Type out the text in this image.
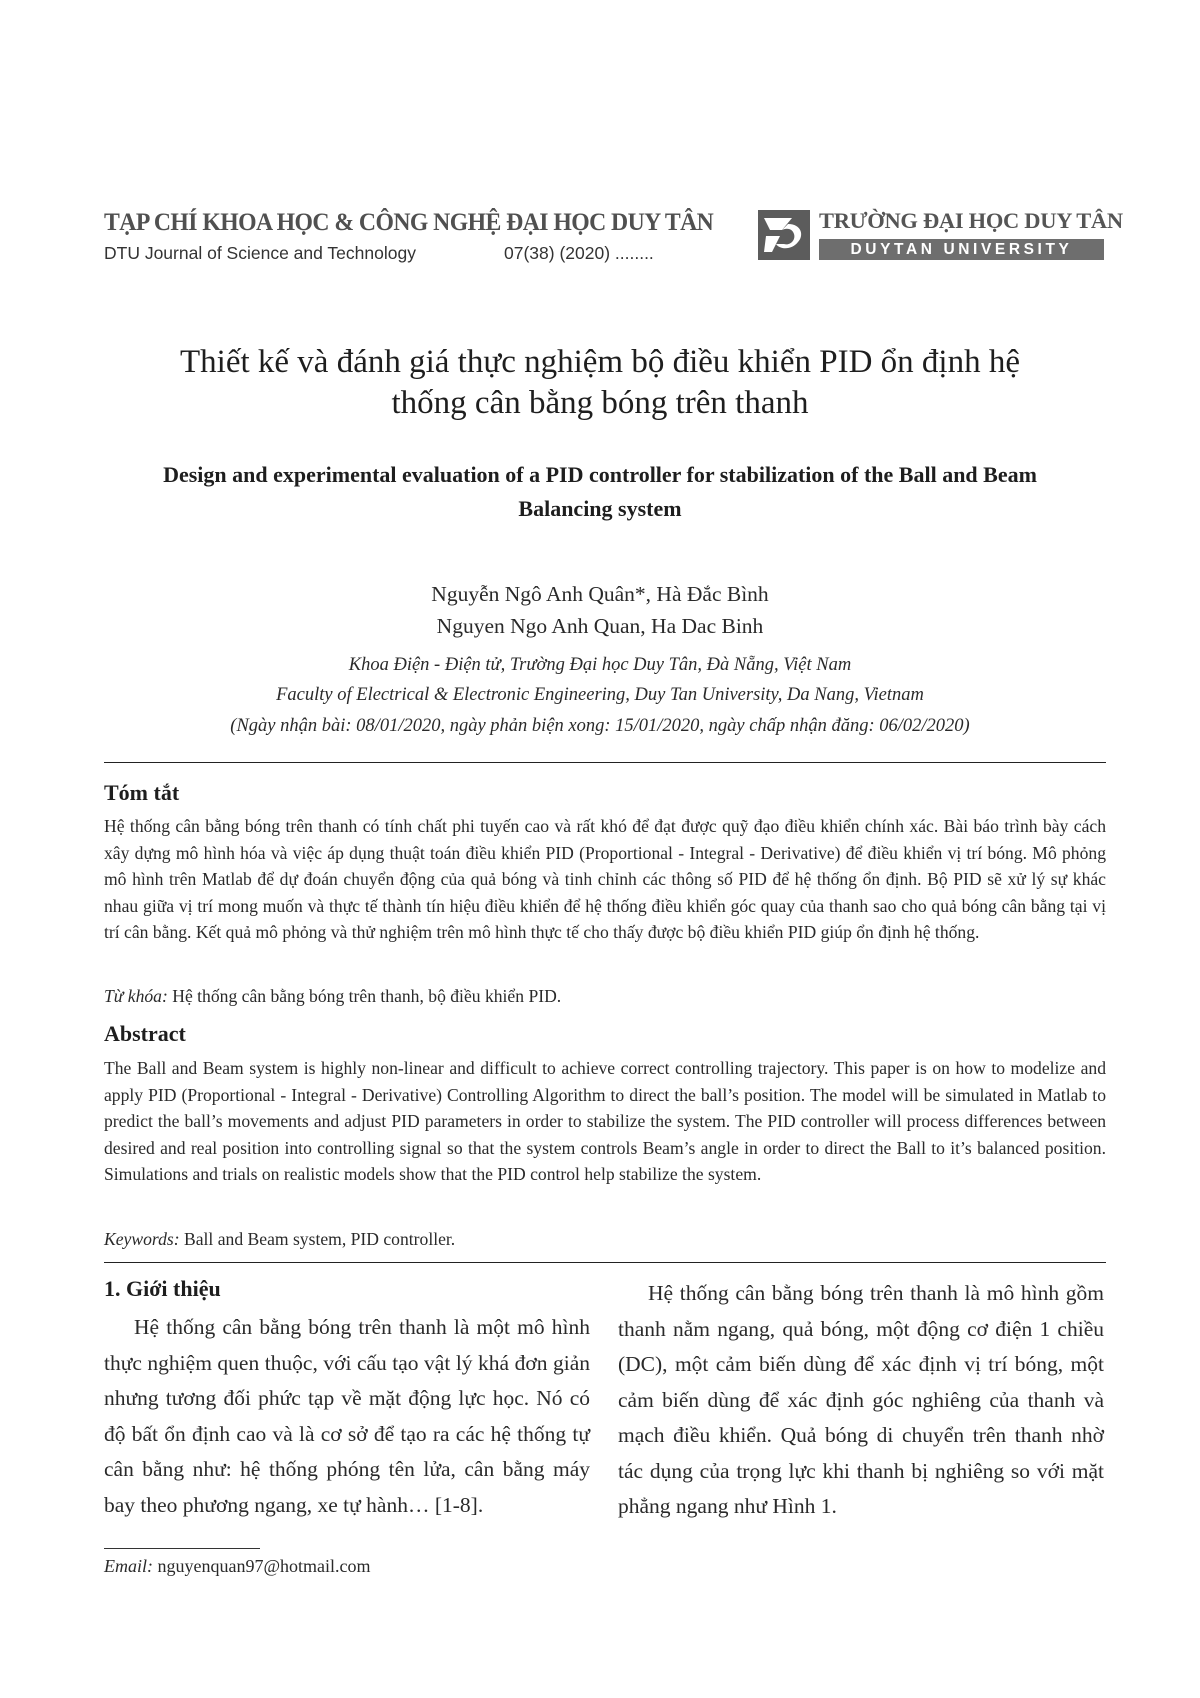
TẠP CHÍ KHOA HỌC & CÔNG NGHỆ ĐẠI HỌC DUY TÂN
DTU Journal of Science and Technology	07(38) (2020) ........
TRƯỜNG ĐẠI HỌC DUY TÂN
DUYTAN UNIVERSITY
Thiết kế và đánh giá thực nghiệm bộ điều khiển PID ổn định hệ thống cân bằng bóng trên thanh
Design and experimental evaluation of a PID controller for stabilization of the Ball and Beam Balancing system
Nguyễn Ngô Anh Quân*, Hà Đắc Bình
Nguyen Ngo Anh Quan, Ha Dac Binh
Khoa Điện - Điện tử, Trường Đại học Duy Tân, Đà Nẵng, Việt Nam
Faculty of Electrical & Electronic Engineering, Duy Tan University, Da Nang, Vietnam
(Ngày nhận bài: 08/01/2020, ngày phản biện xong: 15/01/2020, ngày chấp nhận đăng: 06/02/2020)
Tóm tắt
Hệ thống cân bằng bóng trên thanh có tính chất phi tuyến cao và rất khó để đạt được quỹ đạo điều khiển chính xác. Bài báo trình bày cách xây dựng mô hình hóa và việc áp dụng thuật toán điều khiển PID (Proportional - Integral - Derivative) để điều khiển vị trí bóng. Mô phỏng mô hình trên Matlab để dự đoán chuyển động của quả bóng và tinh chỉnh các thông số PID để hệ thống ổn định. Bộ PID sẽ xử lý sự khác nhau giữa vị trí mong muốn và thực tế thành tín hiệu điều khiển để hệ thống điều khiển góc quay của thanh sao cho quả bóng cân bằng tại vị trí cân bằng. Kết quả mô phỏng và thử nghiệm trên mô hình thực tế cho thấy được bộ điều khiển PID giúp ổn định hệ thống.
Từ khóa: Hệ thống cân bằng bóng trên thanh, bộ điều khiển PID.
Abstract
The Ball and Beam system is highly non-linear and difficult to achieve correct controlling trajectory. This paper is on how to modelize and apply PID (Proportional - Integral - Derivative) Controlling Algorithm to direct the ball’s position. The model will be simulated in Matlab to predict the ball’s movements and adjust PID parameters in order to stabilize the system. The PID controller will process differences between desired and real position into controlling signal so that the system controls Beam’s angle in order to direct the Ball to it’s balanced position. Simulations and trials on realistic models show that the PID control help stabilize the system.
Keywords: Ball and Beam system, PID controller.
1. Giới thiệu
Hệ thống cân bằng bóng trên thanh là một mô hình thực nghiệm quen thuộc, với cấu tạo vật lý khá đơn giản nhưng tương đối phức tạp về mặt động lực học. Nó có độ bất ổn định cao và là cơ sở để tạo ra các hệ thống tự cân bằng như: hệ thống phóng tên lửa, cân bằng máy bay theo phương ngang, xe tự hành… [1-8].
Hệ thống cân bằng bóng trên thanh là mô hình gồm thanh nằm ngang, quả bóng, một động cơ điện 1 chiều (DC), một cảm biến dùng để xác định vị trí bóng, một cảm biến dùng để xác định góc nghiêng của thanh và mạch điều khiển. Quả bóng di chuyển trên thanh nhờ tác dụng của trọng lực khi thanh bị nghiêng so với mặt phẳng ngang như Hình 1.
Email: nguyenquan97@hotmail.com
